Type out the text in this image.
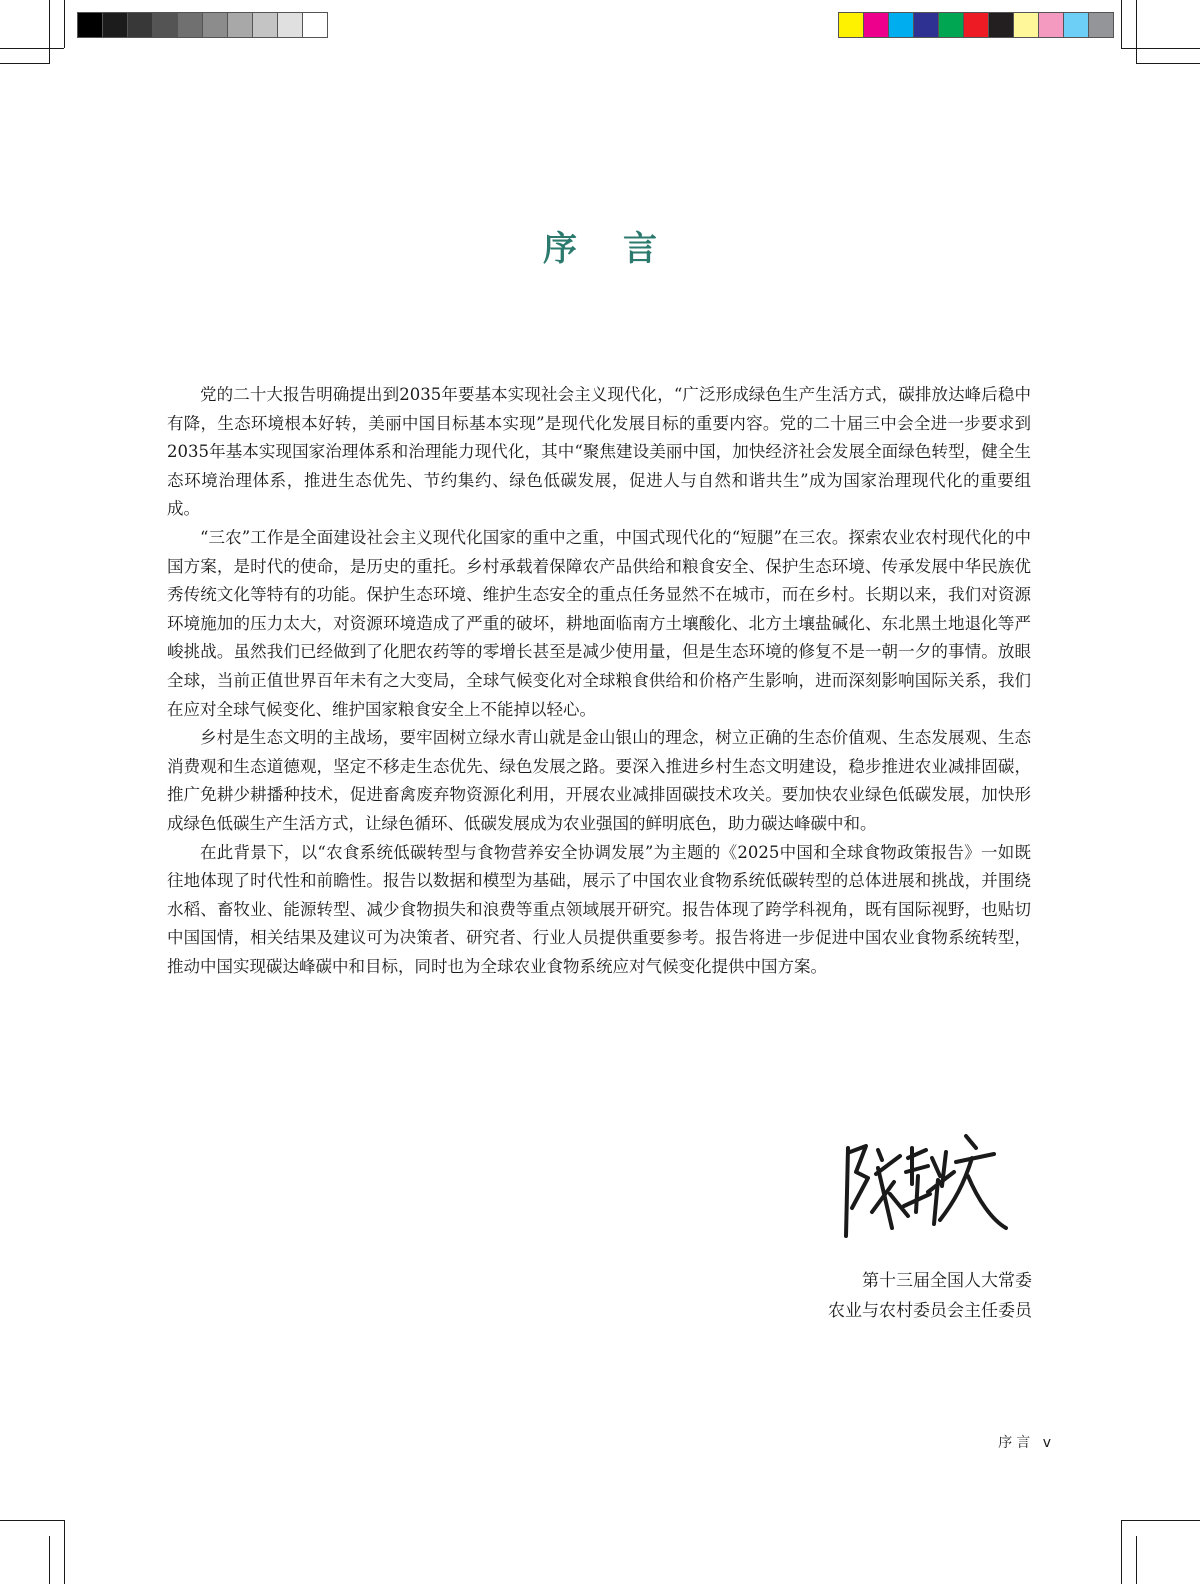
序言

党的二十大报告明确提出到2035年要基本实现社会主义现代化，“广泛形成绿色生产生活方式，碳排放达峰后稳中有降，生态环境根本好转，美丽中国目标基本实现”是现代化发展目标的重要内容。党的二十届三中会全进一步要求到2035年基本实现国家治理体系和治理能力现代化，其中“聚焦建设美丽中国，加快经济社会发展全面绿色转型，健全生态环境治理体系，推进生态优先、节约集约、绿色低碳发展，促进人与自然和谐共生”成为国家治理现代化的重要组成。

“三农”工作是全面建设社会主义现代化国家的重中之重，中国式现代化的“短腿”在三农。探索农业农村现代化的中国方案，是时代的使命，是历史的重托。乡村承载着保障农产品供给和粮食安全、保护生态环境、传承发展中华民族优秀传统文化等特有的功能。保护生态环境、维护生态安全的重点任务显然不在城市，而在乡村。长期以来，我们对资源环境施加的压力太大，对资源环境造成了严重的破坏，耕地面临南方土壤酸化、北方土壤盐碱化、东北黑土地退化等严峻挑战。虽然我们已经做到了化肥农药等的零增长甚至是减少使用量，但是生态环境的修复不是一朝一夕的事情。放眼全球，当前正值世界百年未有之大变局，全球气候变化对全球粮食供给和价格产生影响，进而深刻影响国际关系，我们在应对全球气候变化、维护国家粮食安全上不能掉以轻心。

乡村是生态文明的主战场，要牢固树立绿水青山就是金山银山的理念，树立正确的生态价值观、生态发展观、生态消费观和生态道德观，坚定不移走生态优先、绿色发展之路。要深入推进乡村生态文明建设，稳步推进农业减排固碳，推广免耕少耕播种技术，促进畜禽废弃物资源化利用，开展农业减排固碳技术攻关。要加快农业绿色低碳发展，加快形成绿色低碳生产生活方式，让绿色循环、低碳发展成为农业强国的鲜明底色，助力碳达峰碳中和。

在此背景下，以“农食系统低碳转型与食物营养安全协调发展”为主题的《2025中国和全球食物政策报告》一如既往地体现了时代性和前瞻性。报告以数据和模型为基础，展示了中国农业食物系统低碳转型的总体进展和挑战，并围绕水稻、畜牧业、能源转型、减少食物损失和浪费等重点领域展开研究。报告体现了跨学科视角，既有国际视野，也贴切中国国情，相关结果及建议可为决策者、研究者、行业人员提供重要参考。报告将进一步促进中国农业食物系统转型，推动中国实现碳达峰碳中和目标，同时也为全球农业食物系统应对气候变化提供中国方案。

第十三届全国人大常委
农业与农村委员会主任委员
序言 v
